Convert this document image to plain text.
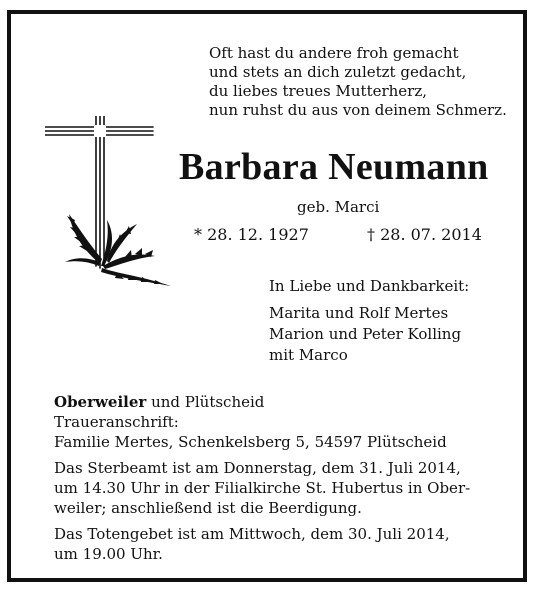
Oft hast du andere froh gemacht
und stets an dich zuletzt gedacht,
du liebes treues Mutterherz,
nun ruhst du aus von deinem Schmerz.
Barbara Neumann
geb. Marci
* 28. 12. 1927	† 28. 07. 2014
In Liebe und Dankbarkeit:
Marita und Rolf Mertes
Marion und Peter Kolling
mit Marco
Oberweiler und Plütscheid
Traueranschrift:
Familie Mertes, Schenkelsberg 5, 54597 Plütscheid
Das Sterbeamt ist am Donnerstag, dem 31. Juli 2014,
um 14.30 Uhr in der Filialkirche St. Hubertus in Ober-
weiler; anschließend ist die Beerdigung.
Das Totengebet ist am Mittwoch, dem 30. Juli 2014,
um 19.00 Uhr.
